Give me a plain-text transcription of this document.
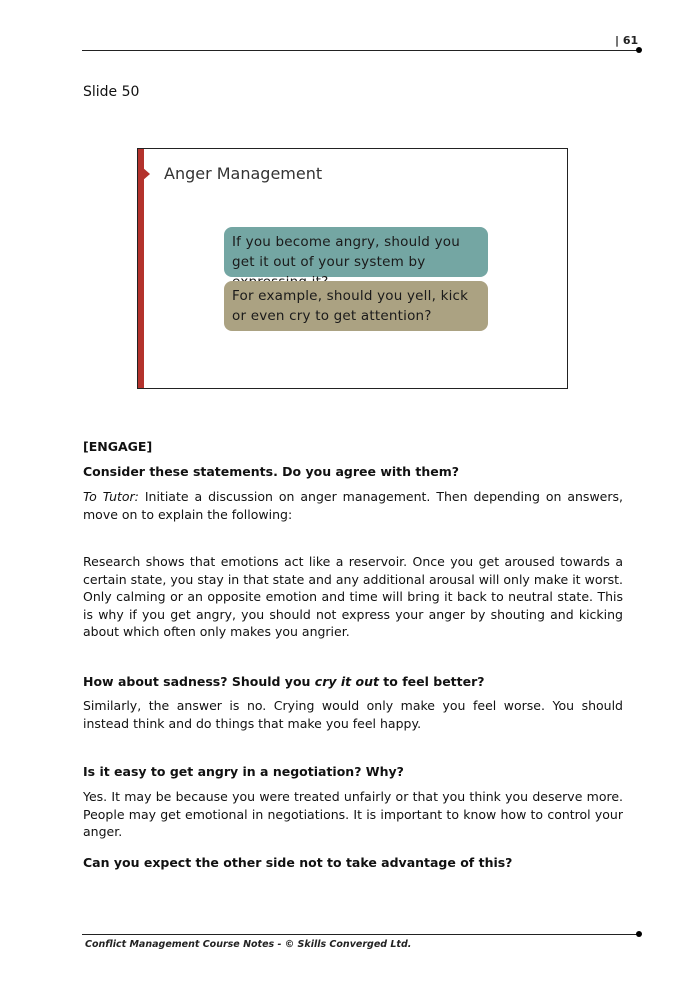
| 61
Slide 50
Anger Management
If you become angry, should you get it out of your system by
For example, should you yell, kick or even cry to get attention?
[ENGAGE]
Consider these statements. Do you agree with them?
To Tutor: Initiate a discussion on anger management. Then depending on answers, move on to explain the following:
Research shows that emotions act like a reservoir. Once you get aroused towards a certain state, you stay in that state and any additional arousal will only make it worst. Only calming or an opposite emotion and time will bring it back to neutral state. This is why if you get angry, you should not express your anger by shouting and kicking about which often only makes you angrier.
How about sadness? Should you cry it out to feel better?
Similarly, the answer is no. Crying would only make you feel worse. You should instead think and do things that make you feel happy.
Is it easy to get angry in a negotiation? Why?
Yes. It may be because you were treated unfairly or that you think you deserve more. People may get emotional in negotiations. It is important to know how to control your anger.
Can you expect the other side not to take advantage of this?
Conflict Management Course Notes - © Skills Converged Ltd.
